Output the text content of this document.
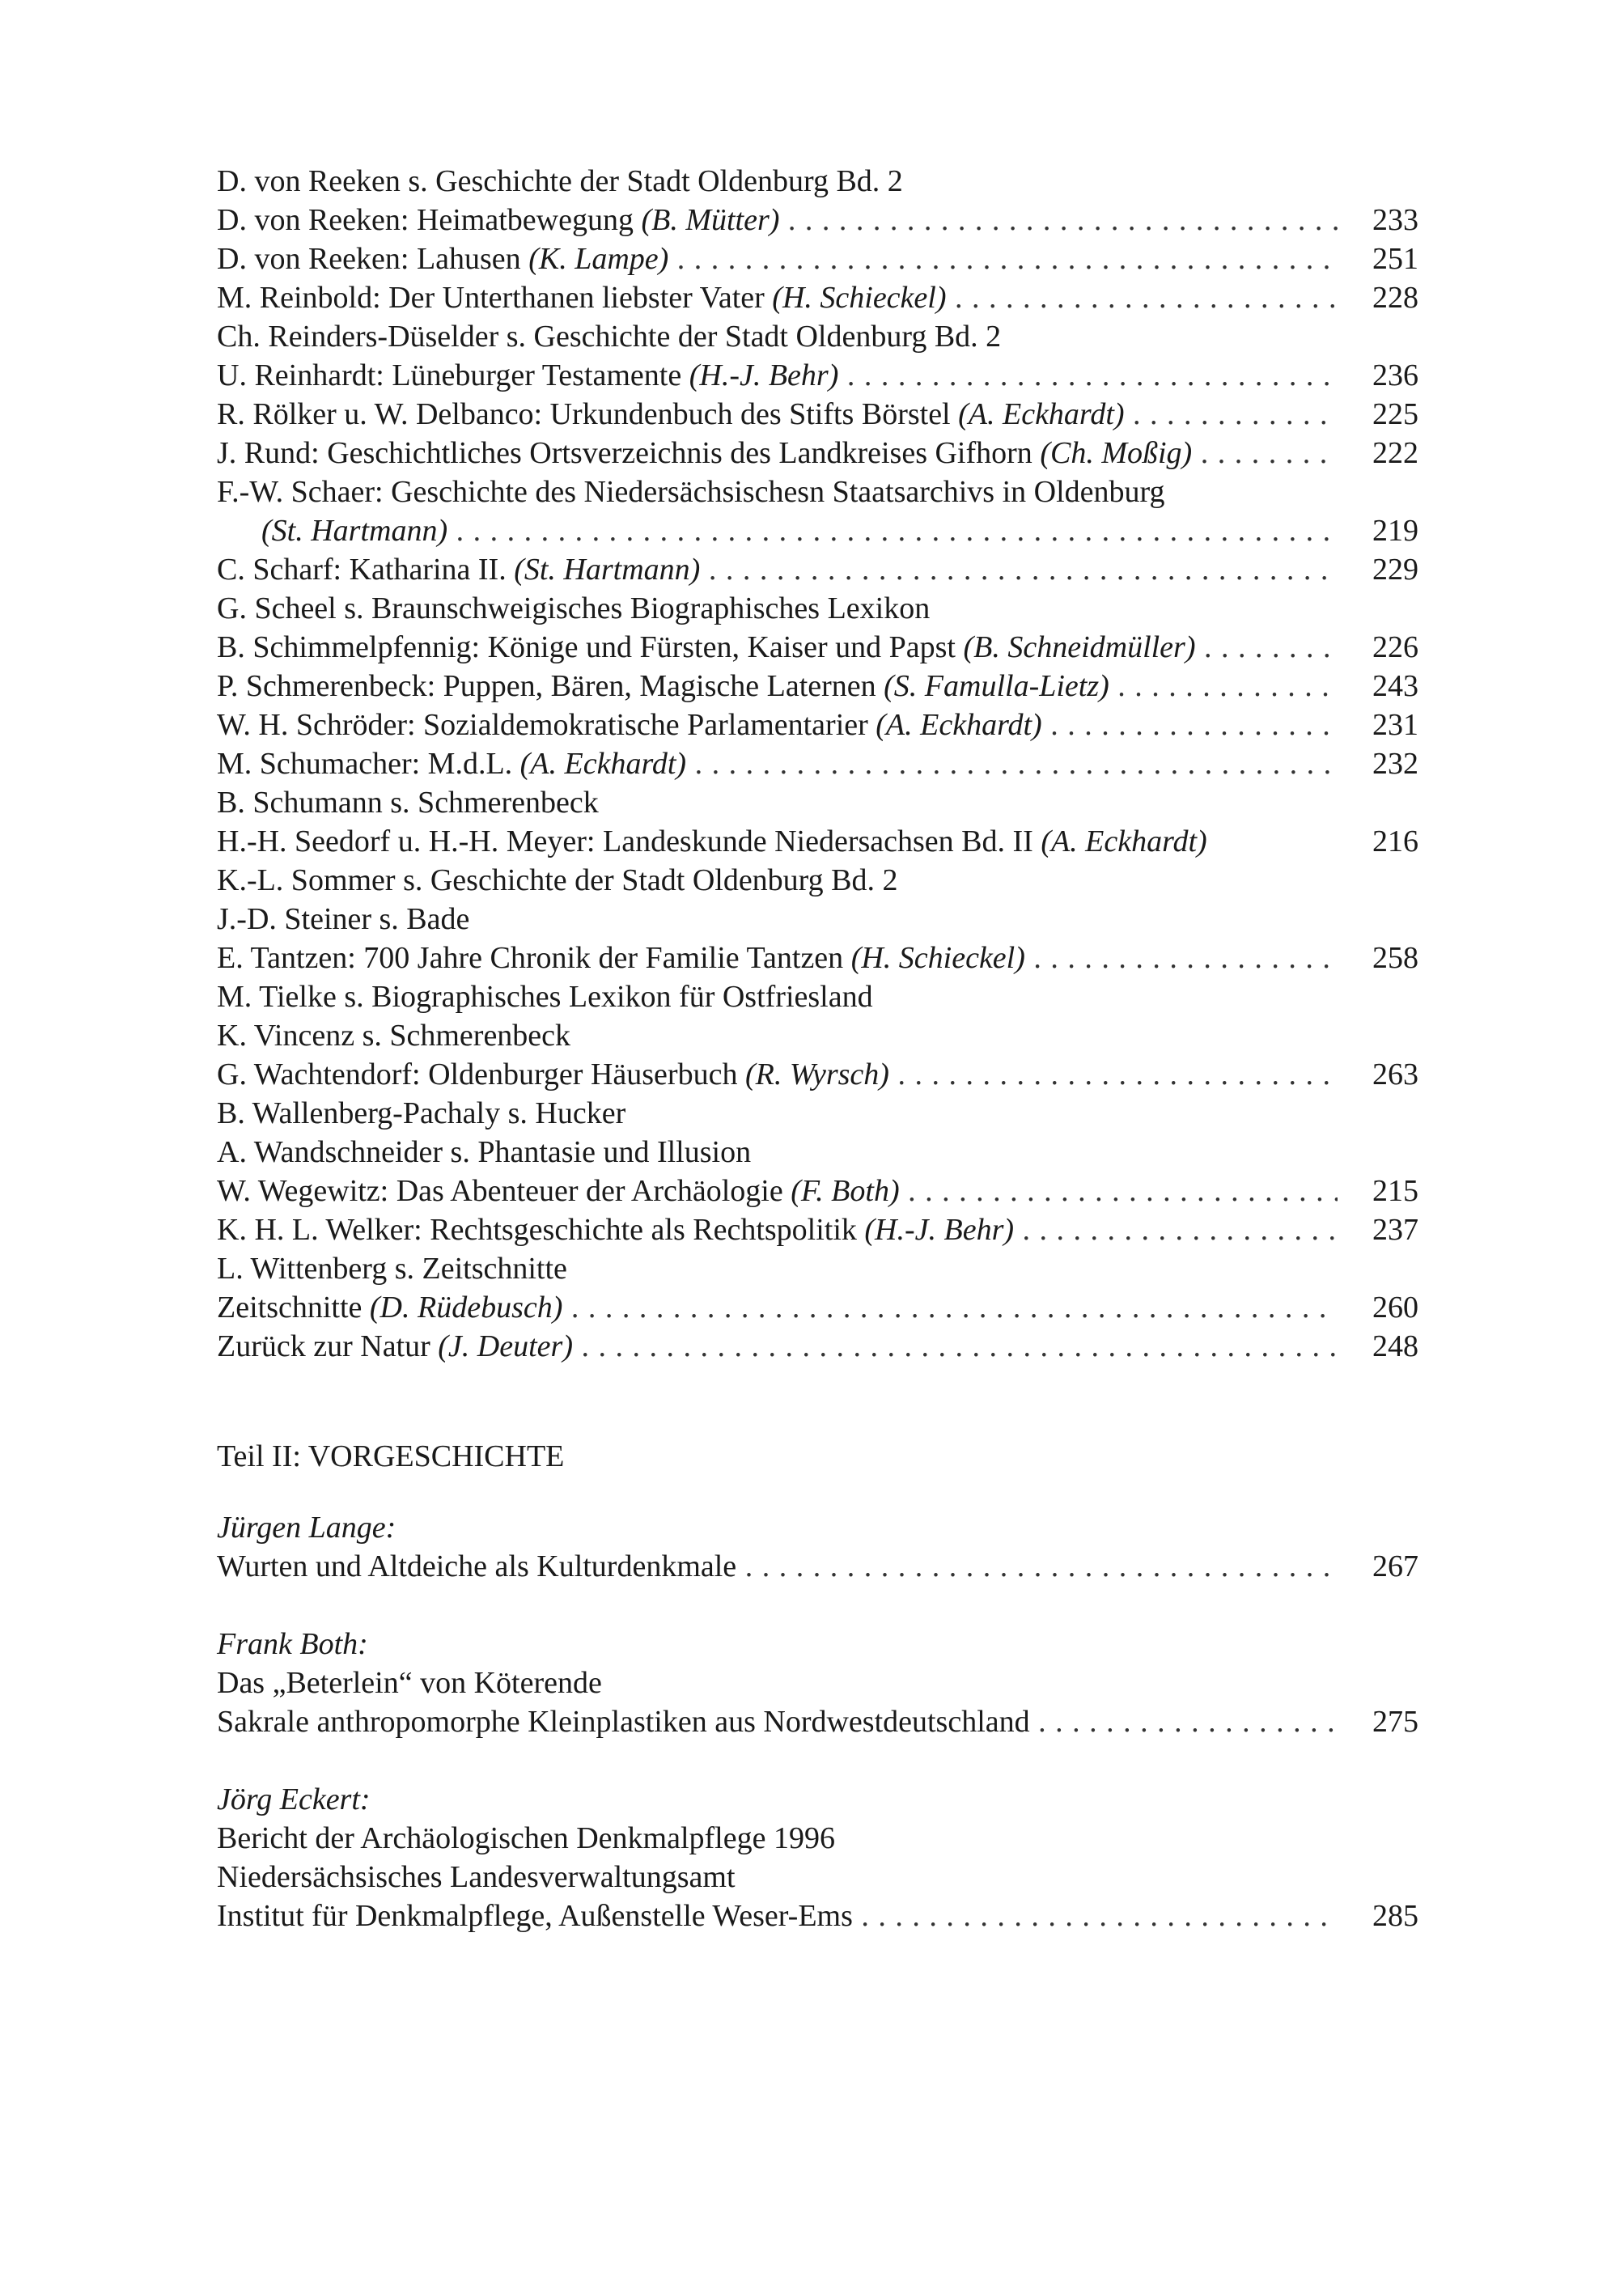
D. von Reeken s. Geschichte der Stadt Oldenburg Bd. 2
D. von Reeken: Heimatbewegung (B. Mütter) . . .	233
D. von Reeken: Lahusen (K. Lampe) . . .	251
M. Reinbold: Der Unterthanen liebster Vater (H. Schieckel) . . .	228
Ch. Reinders-Düselder s. Geschichte der Stadt Oldenburg Bd. 2
U. Reinhardt: Lüneburger Testamente (H.-J. Behr) . . .	236
R. Rölker u. W. Delbanco: Urkundenbuch des Stifts Börstel (A. Eckhardt) . . .	225
J. Rund: Geschichtliches Ortsverzeichnis des Landkreises Gifhorn (Ch. Moßig) . . .	222
F.-W. Schaer: Geschichte des Niedersächsischesn Staatsarchivs in Oldenburg
(St. Hartmann) . . .	219
C. Scharf: Katharina II. (St. Hartmann) . . .	229
G. Scheel s. Braunschweigisches Biographisches Lexikon
B. Schimmelpfennig: Könige und Fürsten, Kaiser und Papst (B. Schneidmüller) . . .	226
P. Schmerenbeck: Puppen, Bären, Magische Laternen (S. Famulla-Lietz) . . .	243
W. H. Schröder: Sozialdemokratische Parlamentarier (A. Eckhardt) . . .	231
M. Schumacher: M.d.L. (A. Eckhardt) . . .	232
B. Schumann s. Schmerenbeck
H.-H. Seedorf u. H.-H. Meyer: Landeskunde Niedersachsen Bd. II (A. Eckhardt)	216
K.-L. Sommer s. Geschichte der Stadt Oldenburg Bd. 2
J.-D. Steiner s. Bade
E. Tantzen: 700 Jahre Chronik der Familie Tantzen (H. Schieckel) . . .	258
M. Tielke s. Biographisches Lexikon für Ostfriesland
K. Vincenz s. Schmerenbeck
G. Wachtendorf: Oldenburger Häuserbuch (R. Wyrsch) . . .	263
B. Wallenberg-Pachaly s. Hucker
A. Wandschneider s. Phantasie und Illusion
W. Wegewitz: Das Abenteuer der Archäologie (F. Both) . . .	215
K. H. L. Welker: Rechtsgeschichte als Rechtspolitik (H.-J. Behr) . . .	237
L. Wittenberg s. Zeitschnitte
Zeitschnitte (D. Rüdebusch) . . .	260
Zurück zur Natur (J. Deuter) . . .	248
Teil II: VORGESCHICHTE
Jürgen Lange:
Wurten und Altdeiche als Kulturdenkmale . . .	267
Frank Both:
Das „Beterlein“ von Köterende
Sakrale anthropomorphe Kleinplastiken aus Nordwestdeutschland . . .	275
Jörg Eckert:
Bericht der Archäologischen Denkmalpflege 1996
Niedersächsisches Landesverwaltungsamt
Institut für Denkmalpflege, Außenstelle Weser-Ems . . .	285
